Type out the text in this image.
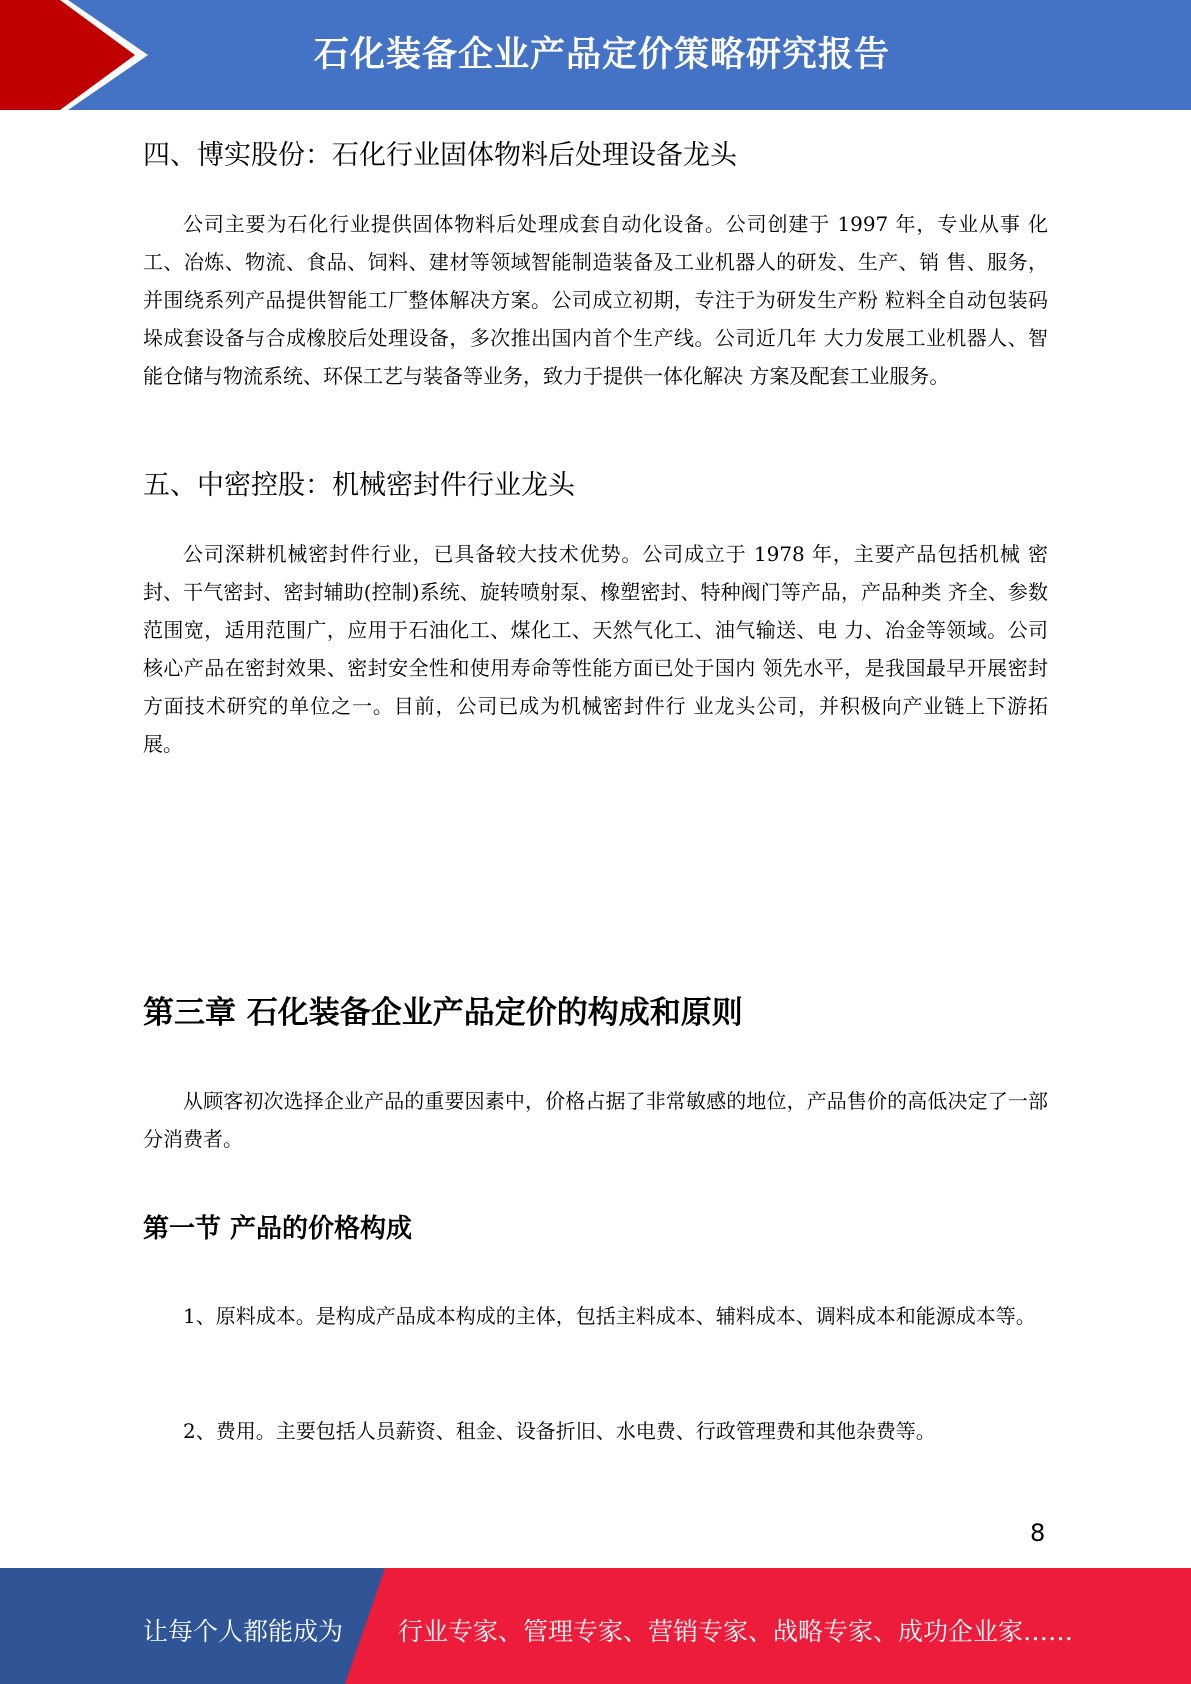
石化装备企业产品定价策略研究报告
四、博实股份：石化行业固体物料后处理设备龙头

公司主要为石化行业提供固体物料后处理成套自动化设备。公司创建于 1997 年，专业从事 化工、冶炼、物流、食品、饲料、建材等领域智能制造装备及工业机器人的研发、生产、销 售、服务，并围绕系列产品提供智能工厂整体解决方案。公司成立初期，专注于为研发生产粉 粒料全自动包装码垛成套设备与合成橡胶后处理设备，多次推出国内首个生产线。公司近几年 大力发展工业机器人、智能仓储与物流系统、环保工艺与装备等业务，致力于提供一体化解决 方案及配套工业服务。

五、中密控股：机械密封件行业龙头

公司深耕机械密封件行业，已具备较大技术优势。公司成立于 1978 年，主要产品包括机械 密封、干气密封、密封辅助(控制)系统、旋转喷射泵、橡塑密封、特种阀门等产品，产品种类 齐全、参数范围宽，适用范围广，应用于石油化工、煤化工、天然气化工、油气输送、电 力、冶金等领域。公司核心产品在密封效果、密封安全性和使用寿命等性能方面已处于国内 领先水平，是我国最早开展密封方面技术研究的单位之一。目前，公司已成为机械密封件行 业龙头公司，并积极向产业链上下游拓展。

第三章 石化装备企业产品定价的构成和原则

从顾客初次选择企业产品的重要因素中，价格占据了非常敏感的地位，产品售价的高低决定了一部分消费者。

第一节 产品的价格构成

1、原料成本。是构成产品成本构成的主体，包括主料成本、辅料成本、调料成本和能源成本等。

2、费用。主要包括人员薪资、租金、设备折旧、水电费、行政管理费和其他杂费等。

8
让每个人都能成为 行业专家、管理专家、营销专家、战略专家、成功企业家……
